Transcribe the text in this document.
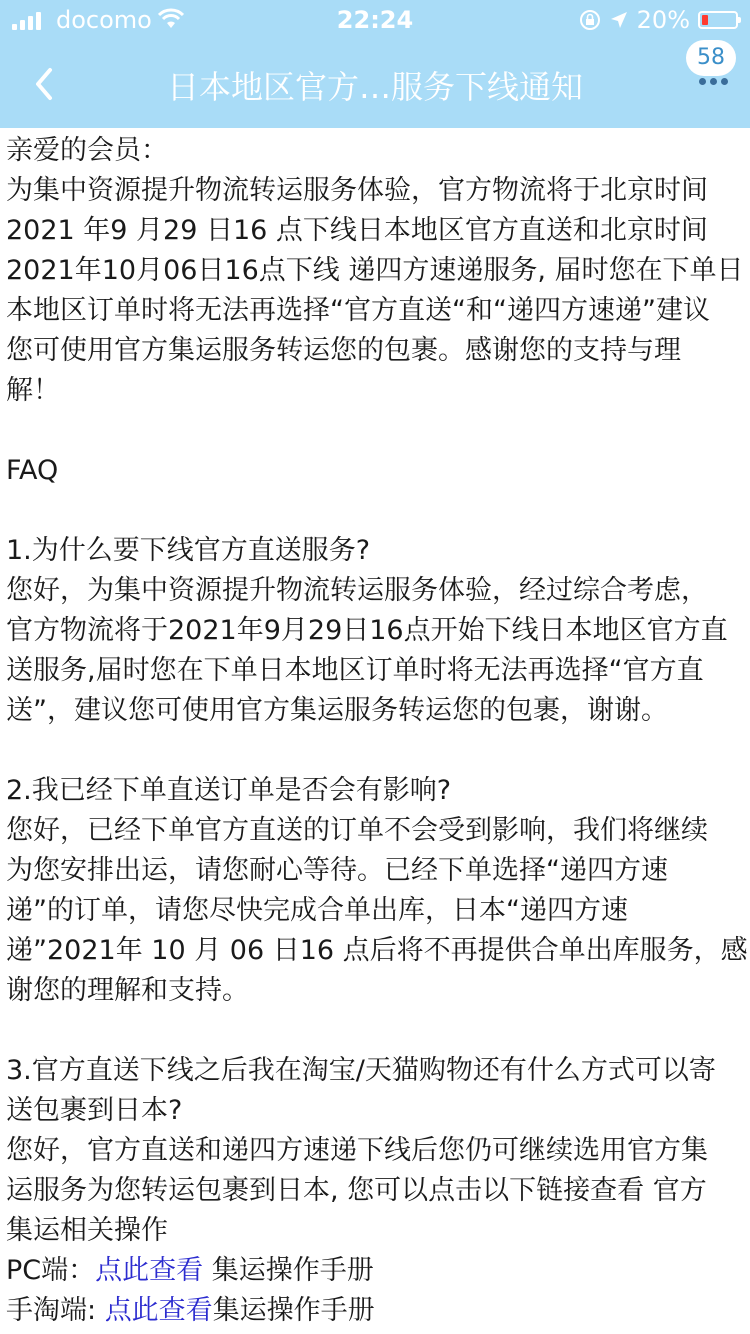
docomo	22:24	20%
日本地区官方…服务下线通知
58

亲爱的会员：

为集中资源提升物流转运服务体验，官方物流将于北京时间

2021 年9 月29 日16 点下线日本地区官方直送和北京时间

2021年10月06日16点下线 递四方速递服务, 届时您在下单日

本地区订单时将无法再选择“官方直送“和“递四方速递”建议

您可使用官方集运服务转运您的包裹。感谢您的支持与理

解！

FAQ

1.为什么要下线官方直送服务?

您好，为集中资源提升物流转运服务体验，经过综合考虑，

官方物流将于2021年9月29日16点开始下线日本地区官方直

送服务,届时您在下单日本地区订单时将无法再选择“官方直

送”，建议您可使用官方集运服务转运您的包裹，谢谢。

2.我已经下单直送订单是否会有影响?

您好，已经下单官方直送的订单不会受到影响，我们将继续

为您安排出运，请您耐心等待。已经下单选择“递四方速

递”的订单，请您尽快完成合单出库，日本“递四方速

递”2021年 10 月 06 日16 点后将不再提供合单出库服务，感

谢您的理解和支持。

3.官方直送下线之后我在淘宝/天猫购物还有什么方式可以寄

送包裹到日本?

您好，官方直送和递四方速递下线后您仍可继续选用官方集

运服务为您转运包裹到日本, 您可以点击以下链接查看 官方

集运相关操作

PC端：点此查看 集运操作手册

手淘端: 点此查看集运操作手册
